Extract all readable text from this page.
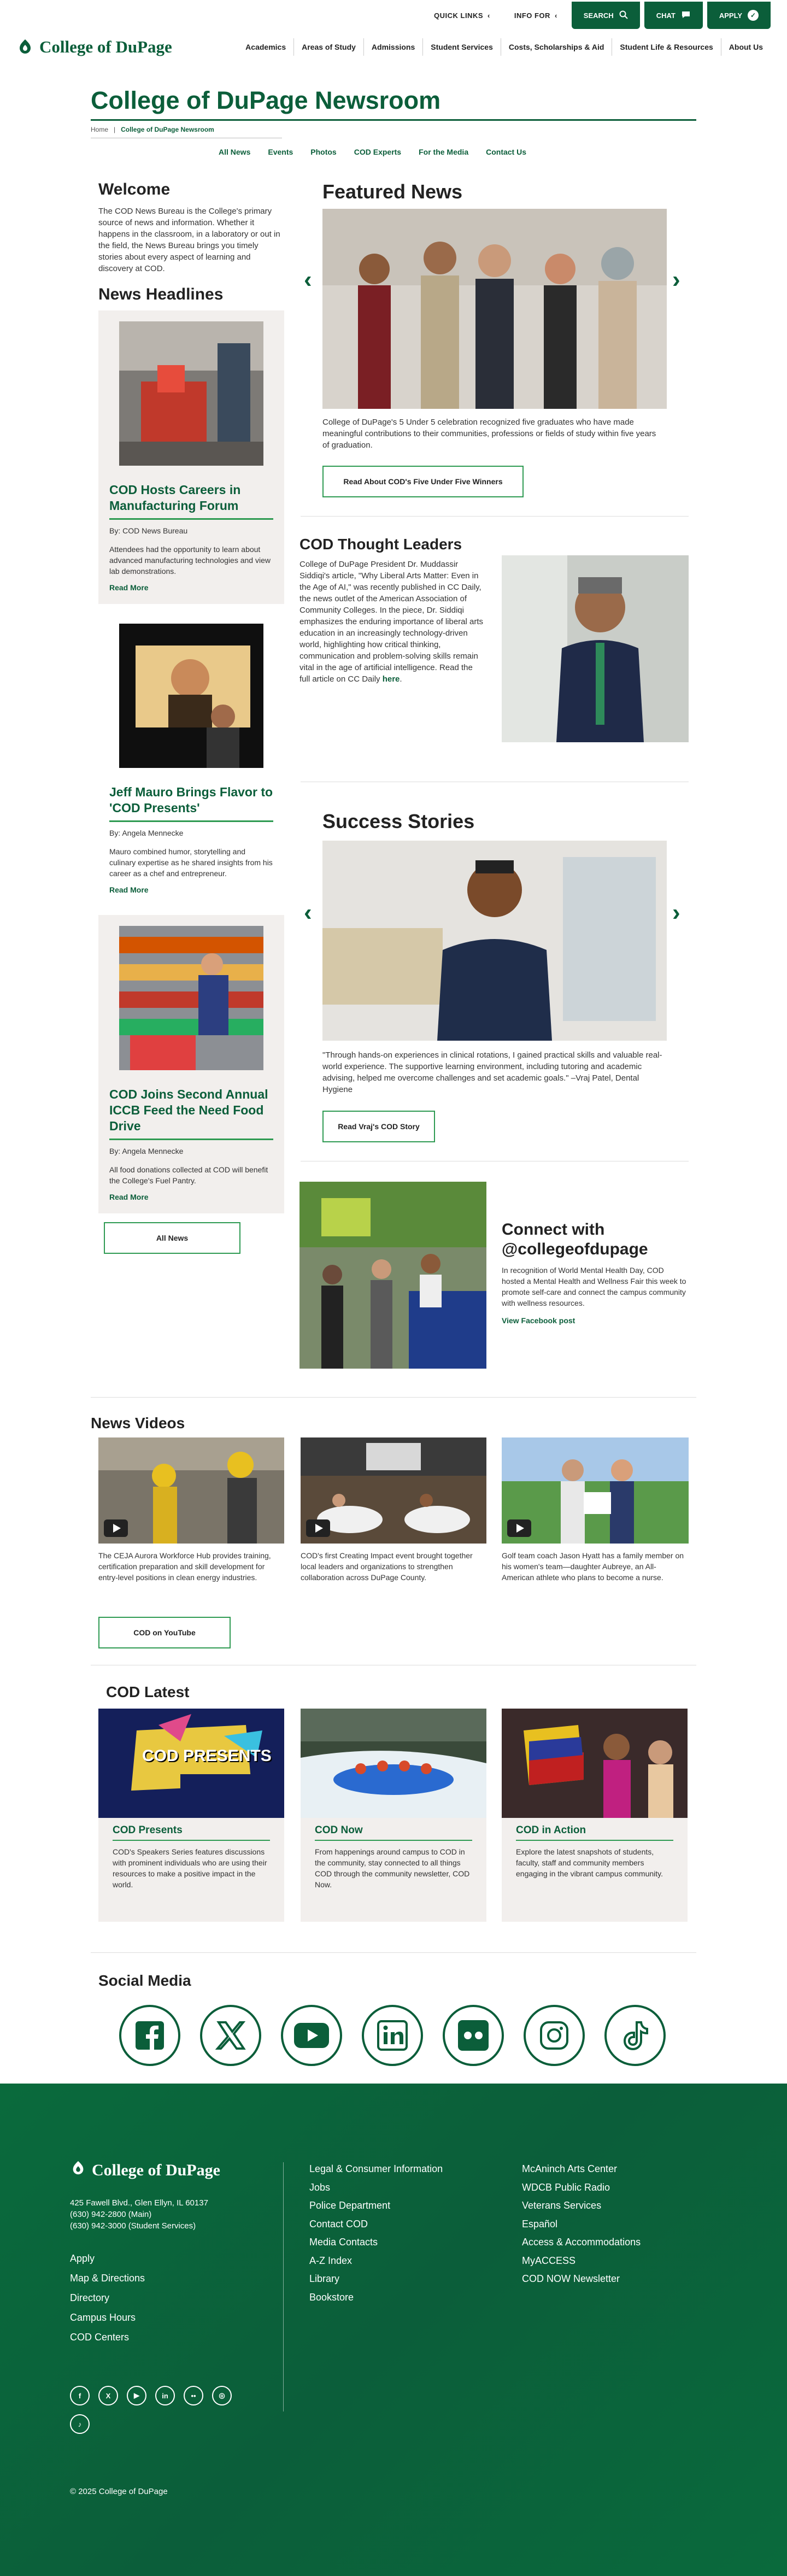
QUICK LINKS ‹	INFO FOR ‹	SEARCH	CHAT	APPLY	✓
College of DuPage	Academics	Areas of Study	Admissions	Student Services	Costs, Scholarships & Aid	Student Life & Resources	About Us
College of DuPage Newsroom
Home | College of DuPage Newsroom
All News Events Photos COD Experts For the Media Contact Us
Welcome

The COD News Bureau is the College's primary source of news and information. Whether it happens in the classroom, in a laboratory or out in the field, the News Bureau brings you timely stories about every aspect of learning and discovery at COD.

News Headlines
COD Hosts Careers in Manufacturing Forum
By: COD News Bureau

Attendees had the opportunity to learn about advanced manufacturing technologies and view lab demonstrations.

Read More
Jeff Mauro Brings Flavor to 'COD Presents'
By: Angela Mennecke

Mauro combined humor, storytelling and culinary expertise as he shared insights from his career as a chef and entrepreneur.

Read More
COD Joins Second Annual ICCB Feed the Need Food Drive
By: Angela Mennecke

All food donations collected at COD will benefit the College's Fuel Pantry.

Read More
All News
Featured News
‹	›

College of DuPage's 5 Under 5 celebration recognized five graduates who have made meaningful contributions to their communities, professions or fields of study within five years of graduation.

Read About COD's Five Under Five Winners
COD Thought Leaders

College of DuPage President Dr. Muddassir Siddiqi's article, "Why Liberal Arts Matter: Even in the Age of AI," was recently published in CC Daily, the news outlet of the American Association of Community Colleges. In the piece, Dr. Siddiqi emphasizes the enduring importance of liberal arts education in an increasingly technology-driven world, highlighting how critical thinking, communication and problem-solving skills remain vital in the age of artificial intelligence. Read the full article on CC Daily here.

Success Stories
‹	›

"Through hands-on experiences in clinical rotations, I gained practical skills and valuable real-world experience. The supportive learning environment, including tutoring and academic advising, helped me overcome challenges and set academic goals." –Vraj Patel, Dental Hygiene

Read Vraj's COD Story
Connect with
@collegeofdupage

In recognition of World Mental Health Day, COD hosted a Mental Health and Wellness Fair this week to promote self-care and connect the campus community with wellness resources.

View Facebook post
News Videos

The CEJA Aurora Workforce Hub provides training, certification preparation and skill development for entry-level positions in clean energy industries.

COD's first Creating Impact event brought together local leaders and organizations to strengthen collaboration across DuPage County.

Golf team coach Jason Hyatt has a family member on his women's team—daughter Aubreye, an All-American athlete who plans to become a nurse.

COD on YouTube
COD Latest
COD PRESENTS
COD Presents

COD's Speakers Series features discussions with prominent individuals who are using their resources to make a positive impact in the world.

COD Now

From happenings around campus to COD in the community, stay connected to all things COD through the community newsletter, COD Now.

COD in Action

Explore the latest snapshots of students, faculty, staff and community members engaging in the vibrant campus community.

Social Media
College of DuPage
425 Fawell Blvd., Glen Ellyn, IL 60137
(630) 942-2800 (Main)
(630) 942-3000 (Student Services)
Apply
Map & Directions
Directory
Campus Hours
COD Centers
f	X	▶	in	••	◎
♪
Legal & Consumer Information
Jobs
Police Department
Contact COD
Media Contacts
A-Z Index
Library
Bookstore
McAninch Arts Center
WDCB Public Radio
Veterans Services
Español
Access & Accommodations
MyACCESS
COD NOW Newsletter
© 2025 College of DuPage
